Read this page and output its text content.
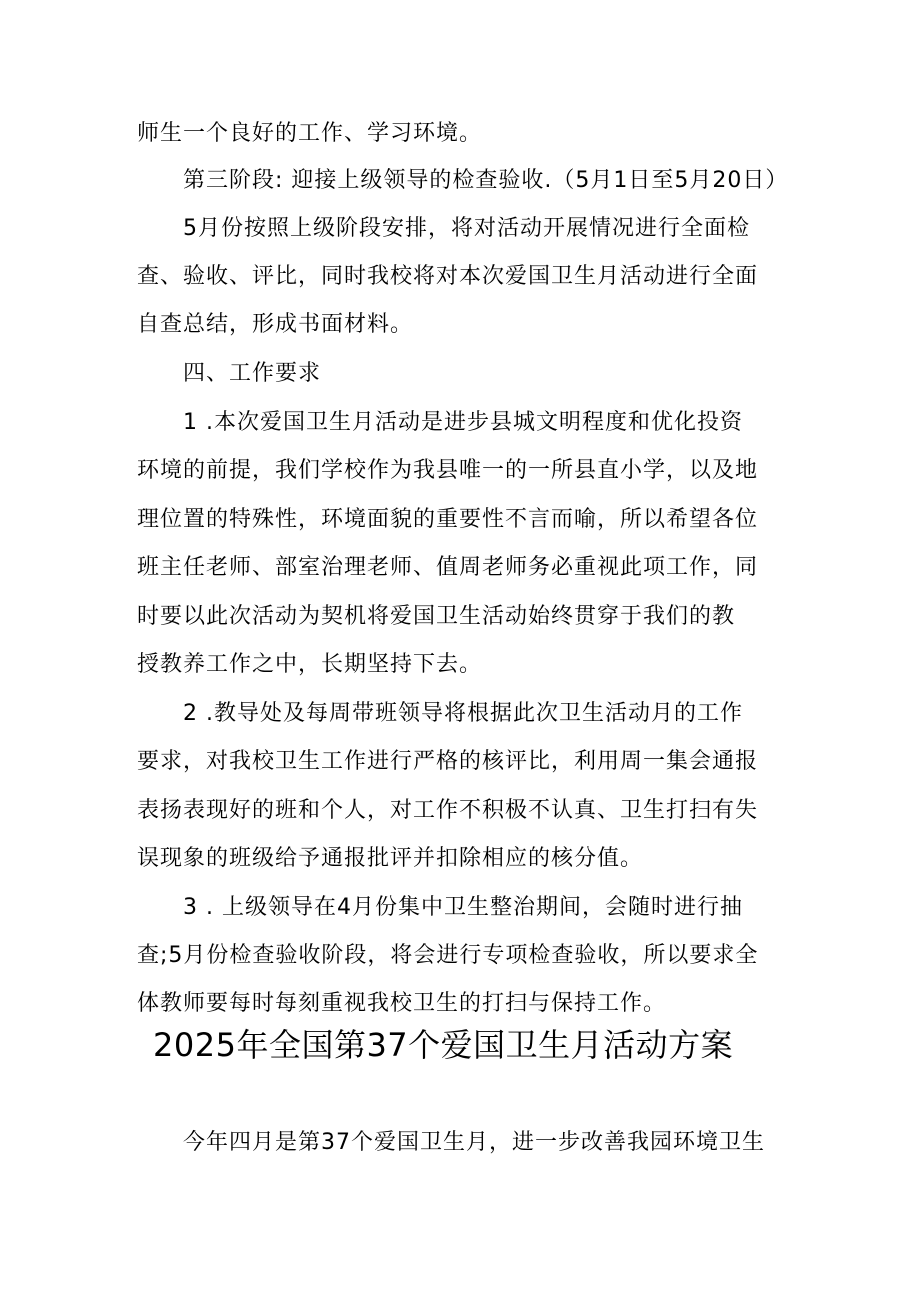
师生一个良好的工作、学习环境。
第三阶段: 迎接上级领导的检查验收.（5月1日至5月20日）
5月份按照上级阶段安排，将对活动开展情况进行全面检
查、验收、评比，同时我校将对本次爱国卫生月活动进行全面
自查总结，形成书面材料。
四、工作要求
1 .本次爱国卫生月活动是进步县城文明程度和优化投资
环境的前提，我们学校作为我县唯一的一所县直小学，以及地
理位置的特殊性，环境面貌的重要性不言而喻，所以希望各位
班主任老师、部室治理老师、值周老师务必重视此项工作，同
时要以此次活动为契机将爱国卫生活动始终贯穿于我们的教
授教养工作之中，长期坚持下去。
2 .教导处及每周带班领导将根据此次卫生活动月的工作
要求，对我校卫生工作进行严格的核评比，利用周一集会通报
表扬表现好的班和个人，对工作不积极不认真、卫生打扫有失
误现象的班级给予通报批评并扣除相应的核分值。
3 . 上级领导在4月份集中卫生整治期间，会随时进行抽
查;5月份检查验收阶段，将会进行专项检查验收，所以要求全
体教师要每时每刻重视我校卫生的打扫与保持工作。
2025年全国第37个爱国卫生月活动方案
今年四月是第37个爱国卫生月，进一步改善我园环境卫生
